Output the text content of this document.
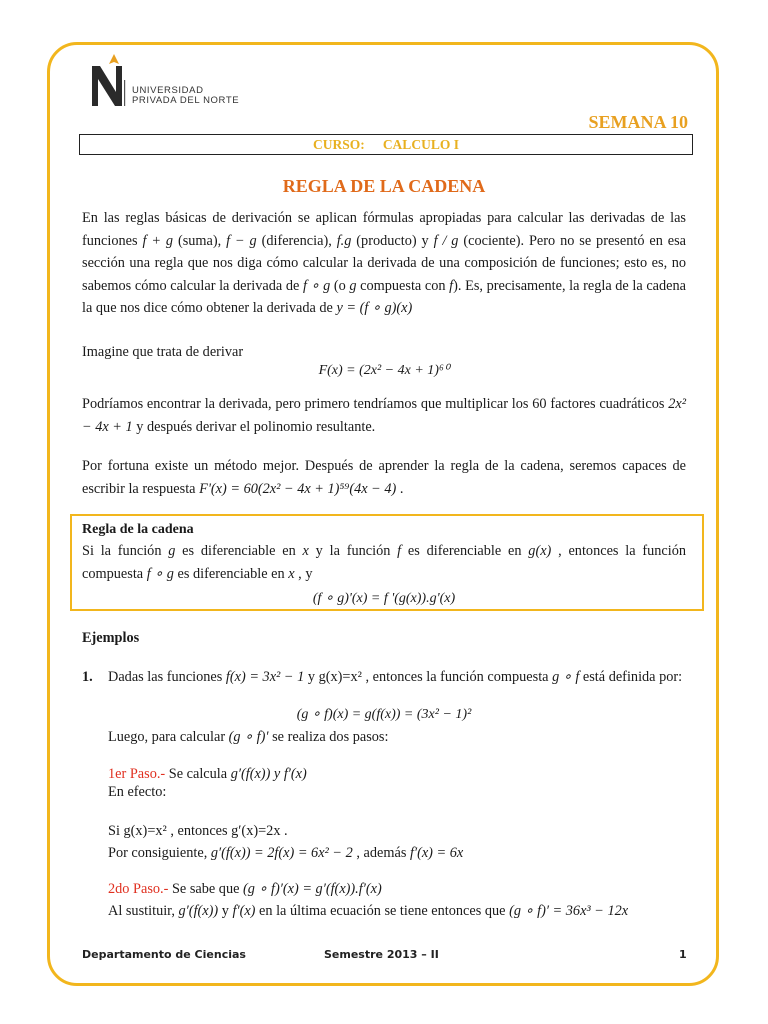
UNIVERSIDAD
PRIVADA DEL NORTE
SEMANA 10
CURSO: CALCULO I
REGLA DE LA CADENA
En las reglas básicas de derivación se aplican fórmulas apropiadas para calcular las derivadas de las funciones f + g (suma), f − g (diferencia), f.g (producto) y f / g (cociente). Pero no se presentó en esa sección una regla que nos diga cómo calcular la derivada de una composición de funciones; esto es, no sabemos cómo calcular la derivada de f ∘ g (o g compuesta con f). Es, precisamente, la regla de la cadena la que nos dice cómo obtener la derivada de y = (f ∘ g)(x)
Imagine que trata de derivar
F(x) = (2x² − 4x + 1)⁶⁰
Podríamos encontrar la derivada, pero primero tendríamos que multiplicar los 60 factores cuadráticos 2x² − 4x + 1 y después derivar el polinomio resultante.
Por fortuna existe un método mejor. Después de aprender la regla de la cadena, seremos capaces de escribir la respuesta F'(x) = 60(2x² − 4x + 1)⁵⁹(4x − 4) .
Regla de la cadena
Si la función g es diferenciable en x y la función f es diferenciable en g(x) , entonces la función compuesta f ∘ g es diferenciable en x , y
(f ∘ g)'(x) = f '(g(x)).g'(x)
Ejemplos
1.	Dadas las funciones f(x) = 3x² − 1 y g(x)=x² , entonces la función compuesta g ∘ f está definida por:
(g ∘ f)(x) = g(f(x)) = (3x² − 1)²
Luego, para calcular (g ∘ f)′ se realiza dos pasos:
1er Paso.- Se calcula g′(f(x)) y f′(x)
En efecto:
Si g(x)=x² , entonces g′(x)=2x .
Por consiguiente, g′(f(x)) = 2f(x) = 6x² − 2 , además f′(x) = 6x
2do Paso.- Se sabe que (g ∘ f)′(x) = g′(f(x)).f′(x)
Al sustituir, g′(f(x)) y f′(x) en la última ecuación se tiene entonces que (g ∘ f)′ = 36x³ − 12x
Departamento de Ciencias	Semestre 2013 – II	1
